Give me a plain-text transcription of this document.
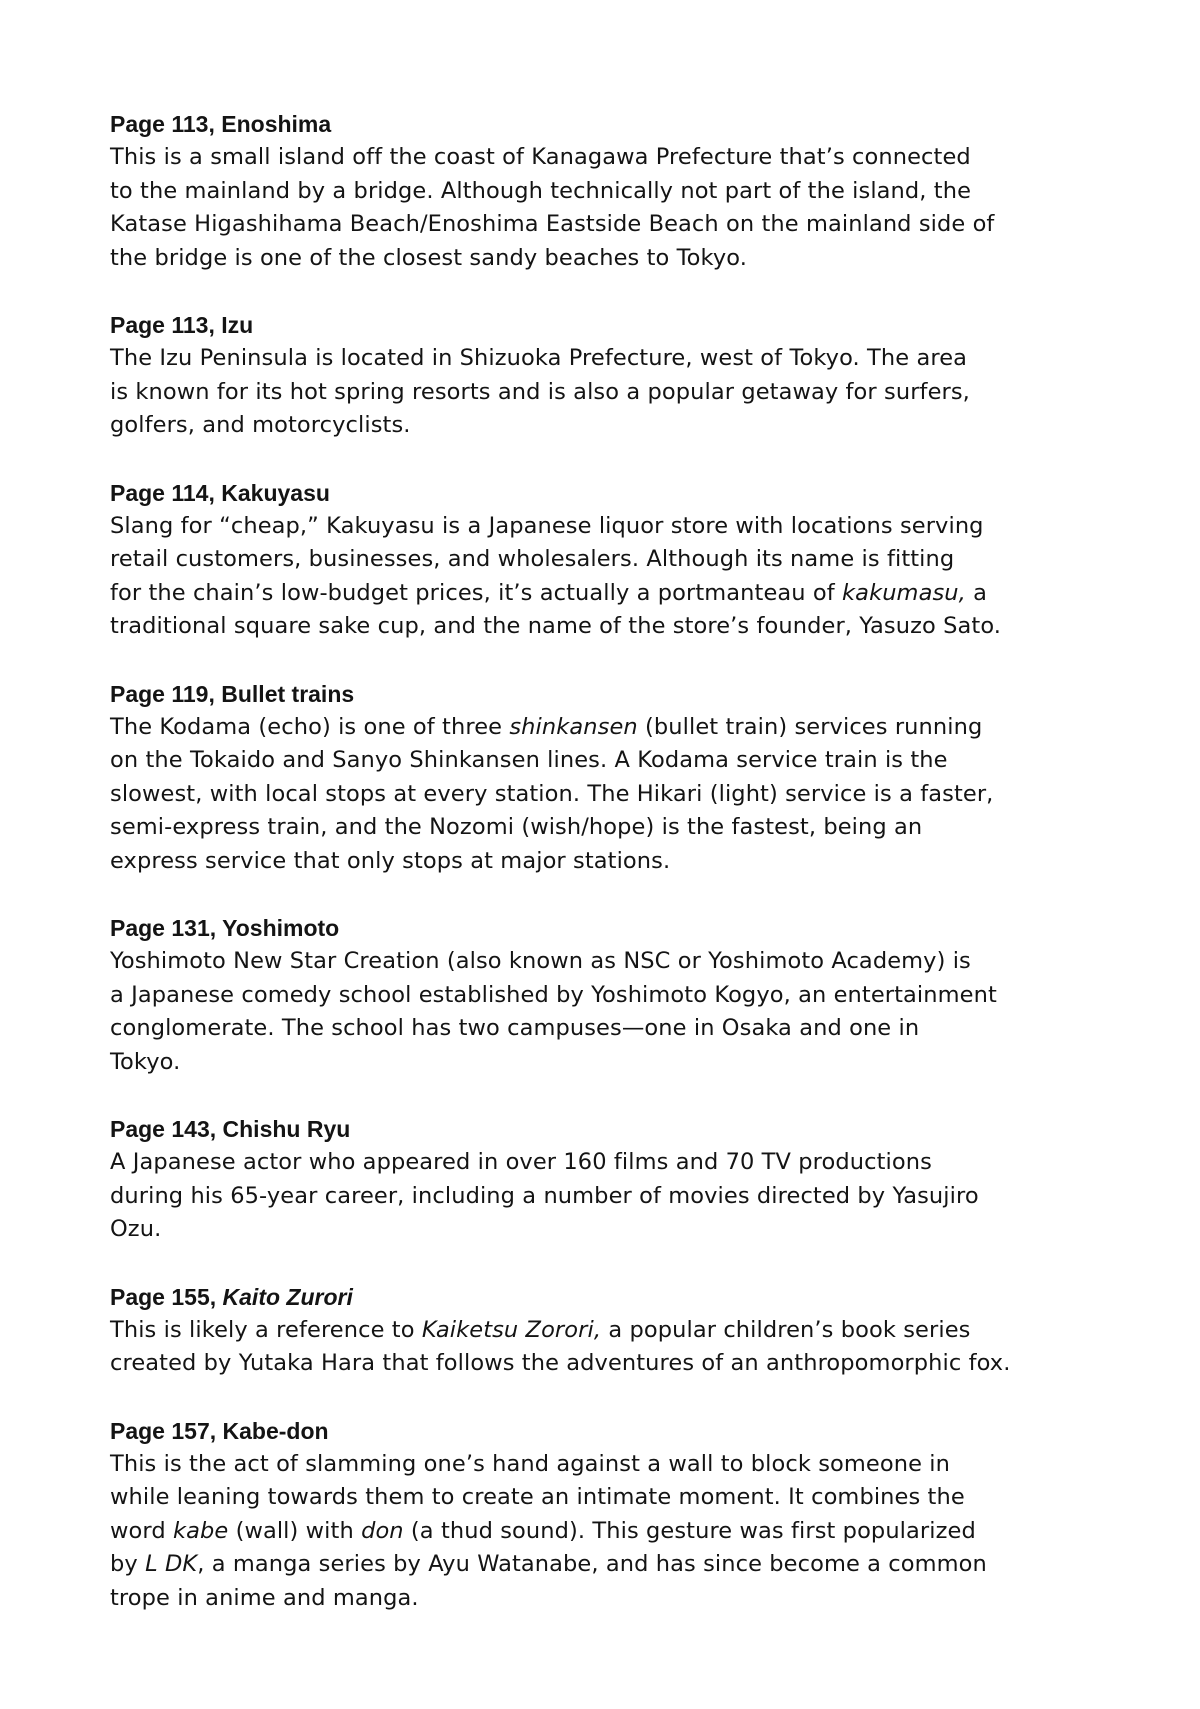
Page 113, Enoshima

This is a small island off the coast of Kanagawa Prefecture that’s connected
to the mainland by a bridge. Although technically not part of the island, the
Katase Higashihama Beach/Enoshima Eastside Beach on the mainland side of
the bridge is one of the closest sandy beaches to Tokyo.

Page 113, Izu

The Izu Peninsula is located in Shizuoka Prefecture, west of Tokyo. The area
is known for its hot spring resorts and is also a popular getaway for surfers,
golfers, and motorcyclists.

Page 114, Kakuyasu

Slang for “cheap,” Kakuyasu is a Japanese liquor store with locations serving
retail customers, businesses, and wholesalers. Although its name is fitting
for the chain’s low-budget prices, it’s actually a portmanteau of kakumasu, a
traditional square sake cup, and the name of the store’s founder, Yasuzo Sato.

Page 119, Bullet trains

The Kodama (echo) is one of three shinkansen (bullet train) services running
on the Tokaido and Sanyo Shinkansen lines. A Kodama service train is the
slowest, with local stops at every station. The Hikari (light) service is a faster,
semi-express train, and the Nozomi (wish/hope) is the fastest, being an
express service that only stops at major stations.

Page 131, Yoshimoto

Yoshimoto New Star Creation (also known as NSC or Yoshimoto Academy) is
a Japanese comedy school established by Yoshimoto Kogyo, an entertainment
conglomerate. The school has two campuses—one in Osaka and one in
Tokyo.

Page 143, Chishu Ryu

A Japanese actor who appeared in over 160 films and 70 TV productions
during his 65-year career, including a number of movies directed by Yasujiro
Ozu.

Page 155, Kaito Zurori

This is likely a reference to Kaiketsu Zorori, a popular children’s book series
created by Yutaka Hara that follows the adventures of an anthropomorphic fox.

Page 157, Kabe-don

This is the act of slamming one’s hand against a wall to block someone in
while leaning towards them to create an intimate moment. It combines the
word kabe (wall) with don (a thud sound). This gesture was first popularized
by L DK, a manga series by Ayu Watanabe, and has since become a common
trope in anime and manga.
